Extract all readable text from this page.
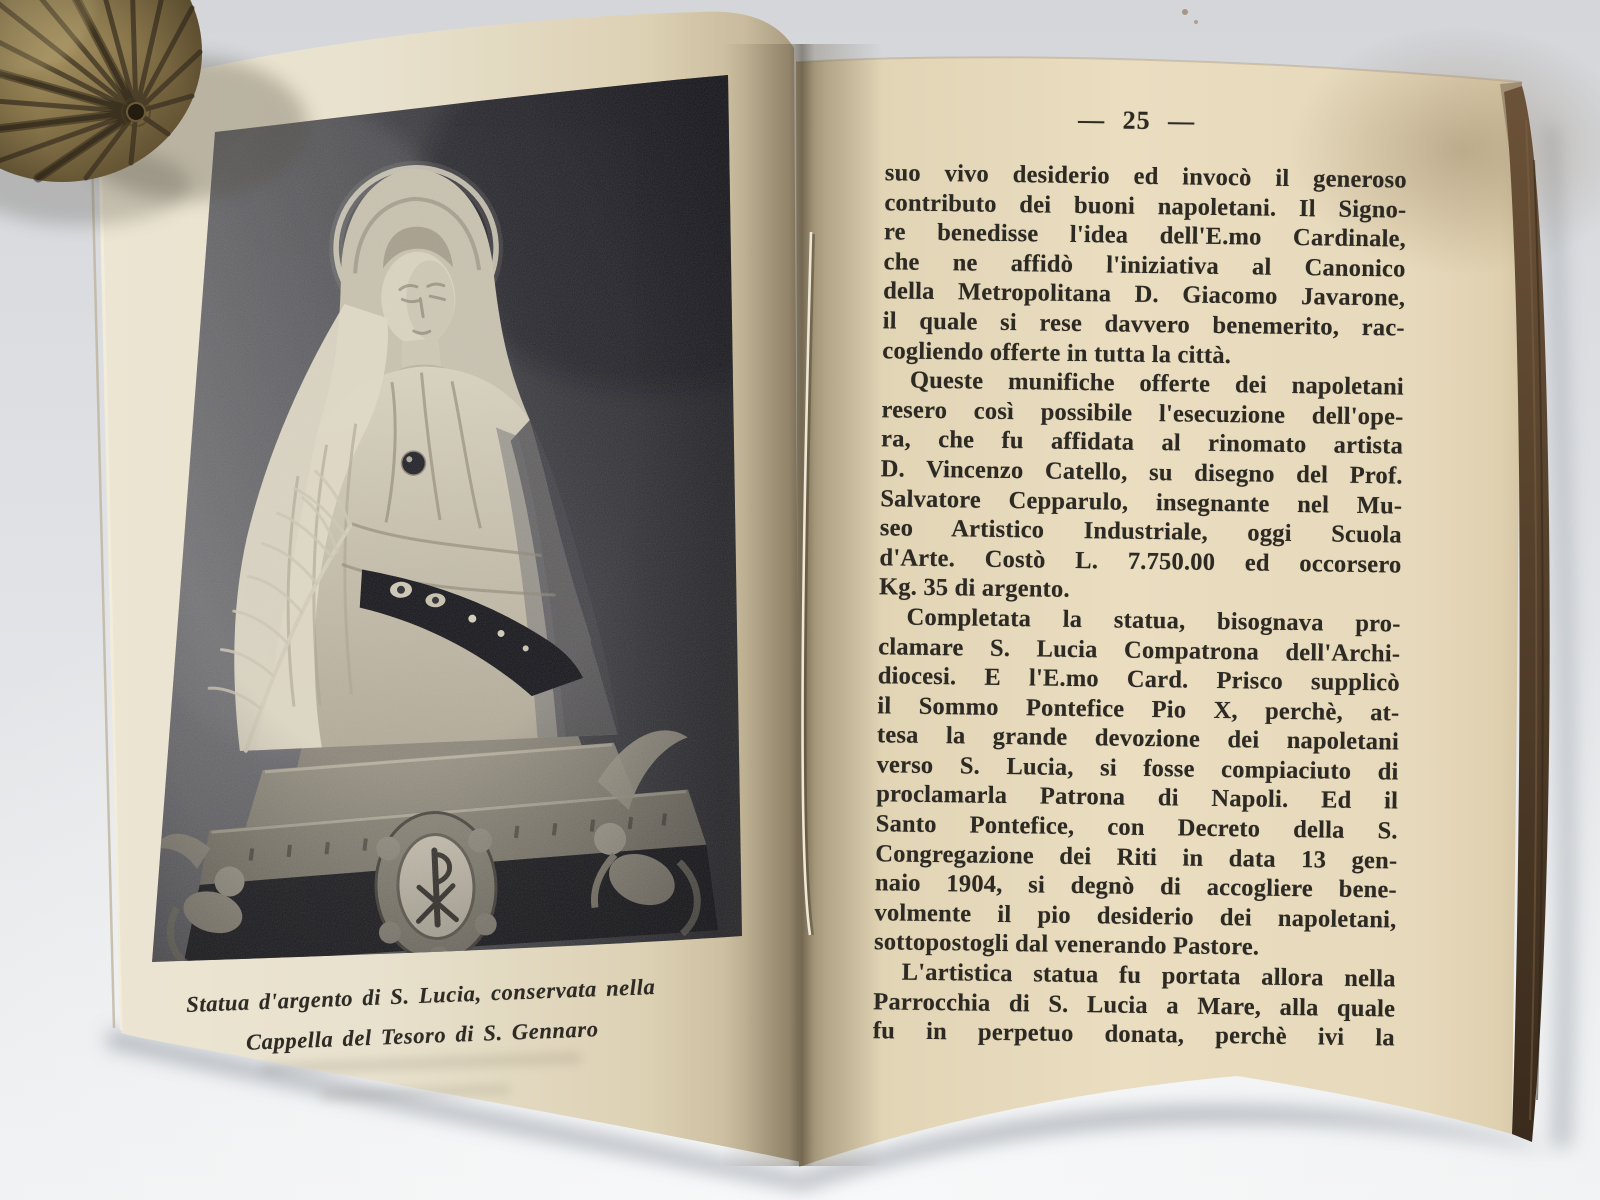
— 25 —
suo vivo desiderio ed invocò il generoso
contributo dei buoni napoletani. Il Signo-
re benedisse l'idea dell'E.mo Cardinale,
che ne affidò l'iniziativa al Canonico
della Metropolitana D. Giacomo Javarone,
il quale si rese davvero benemerito, rac-
cogliendo offerte in tutta la città.
Queste munifiche offerte dei napoletani
resero così possibile l'esecuzione dell'ope-
ra, che fu affidata al rinomato artista
D. Vincenzo Catello, su disegno del Prof.
Salvatore Cepparulo, insegnante nel Mu-
seo Artistico Industriale, oggi Scuola
d'Arte. Costò L. 7.750.00 ed occorsero
Kg. 35 di argento.
Completata la statua, bisognava pro-
clamare S. Lucia Compatrona dell'Archi-
diocesi. E l'E.mo Card. Prisco supplicò
il Sommo Pontefice Pio X, perchè, at-
tesa la grande devozione dei napoletani
verso S. Lucia, si fosse compiaciuto di
proclamarla Patrona di Napoli. Ed il
Santo Pontefice, con Decreto della S.
Congregazione dei Riti in data 13 gen-
naio 1904, si degnò di accogliere bene-
volmente il pio desiderio dei napoletani,
sottopostogli dal venerando Pastore.
L'artistica statua fu portata allora nella
Parrocchia di S. Lucia a Mare, alla quale
fu in perpetuo donata, perchè ivi la
Statua d'argento di S. Lucia, conservata nella
Cappella del Tesoro di S. Gennaro
